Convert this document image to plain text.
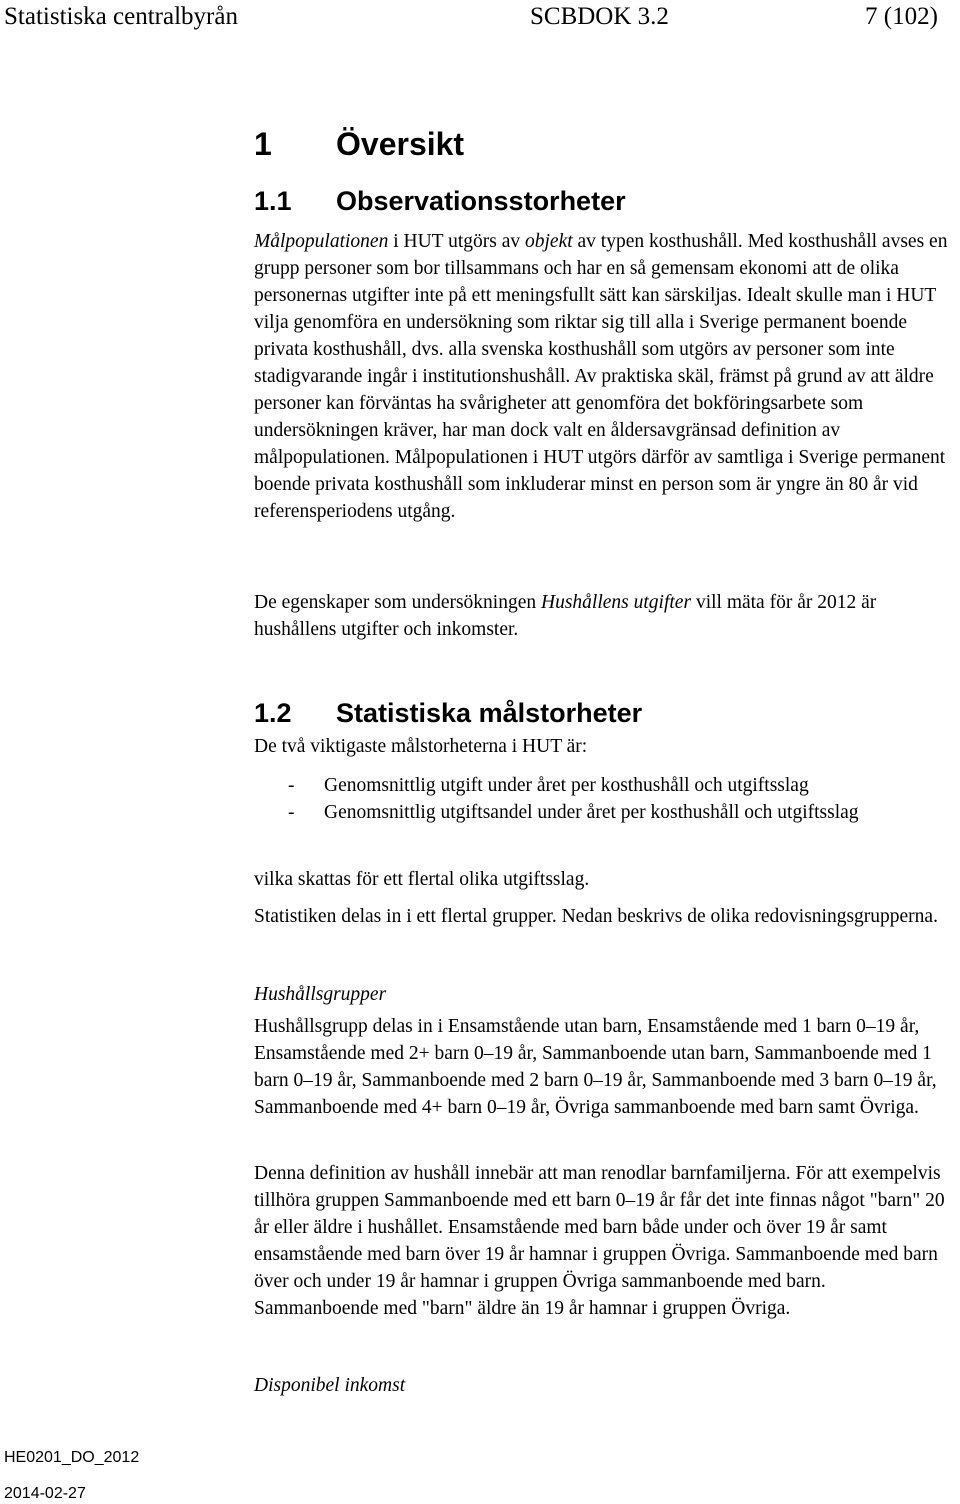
Statistiska centralbyrån	SCBDOK 3.2	7 (102)
1 Översikt
1.1 Observationsstorheter

Målpopulationen i HUT utgörs av objekt av typen kosthushåll. Med kosthushåll avses en grupp personer som bor tillsammans och har en så gemensam ekonomi att de olika personernas utgifter inte på ett meningsfullt sätt kan särskiljas. Idealt skulle man i HUT vilja genomföra en undersökning som riktar sig till alla i Sverige permanent boende privata kosthushåll, dvs. alla svenska kosthushåll som utgörs av personer som inte stadigvarande ingår i institutionshushåll. Av praktiska skäl, främst på grund av att äldre personer kan förväntas ha svårigheter att genomföra det bokföringsarbete som undersökningen kräver, har man dock valt en åldersavgränsad definition av målpopulationen. Målpopulationen i HUT utgörs därför av samtliga i Sverige permanent boende privata kosthushåll som inkluderar minst en person som är yngre än 80 år vid referensperiodens utgång.

De egenskaper som undersökningen Hushållens utgifter vill mäta för år 2012 är hushållens utgifter och inkomster.

1.2 Statistiska målstorheter

De två viktigaste målstorheterna i HUT är:

- Genomsnittlig utgift under året per kosthushåll och utgiftsslag
- Genomsnittlig utgiftsandel under året per kosthushåll och utgiftsslag

vilka skattas för ett flertal olika utgiftsslag.

Statistiken delas in i ett flertal grupper. Nedan beskrivs de olika redovisningsgrupperna.

Hushållsgrupper

Hushållsgrupp delas in i Ensamstående utan barn, Ensamstående med 1 barn 0–19 år, Ensamstående med 2+ barn 0–19 år, Sammanboende utan barn, Sammanboende med 1 barn 0–19 år, Sammanboende med 2 barn 0–19 år, Sammanboende med 3 barn 0–19 år, Sammanboende med 4+ barn 0–19 år, Övriga sammanboende med barn samt Övriga.

Denna definition av hushåll innebär att man renodlar barnfamiljerna. För att exempelvis tillhöra gruppen Sammanboende med ett barn 0–19 år får det inte finnas något "barn" 20 år eller äldre i hushållet. Ensamstående med barn både under och över 19 år samt ensamstående med barn över 19 år hamnar i gruppen Övriga. Sammanboende med barn över och under 19 år hamnar i gruppen Övriga sammanboende med barn. Sammanboende med "barn" äldre än 19 år hamnar i gruppen Övriga.

Disponibel inkomst

HE0201_DO_2012
2014-02-27
